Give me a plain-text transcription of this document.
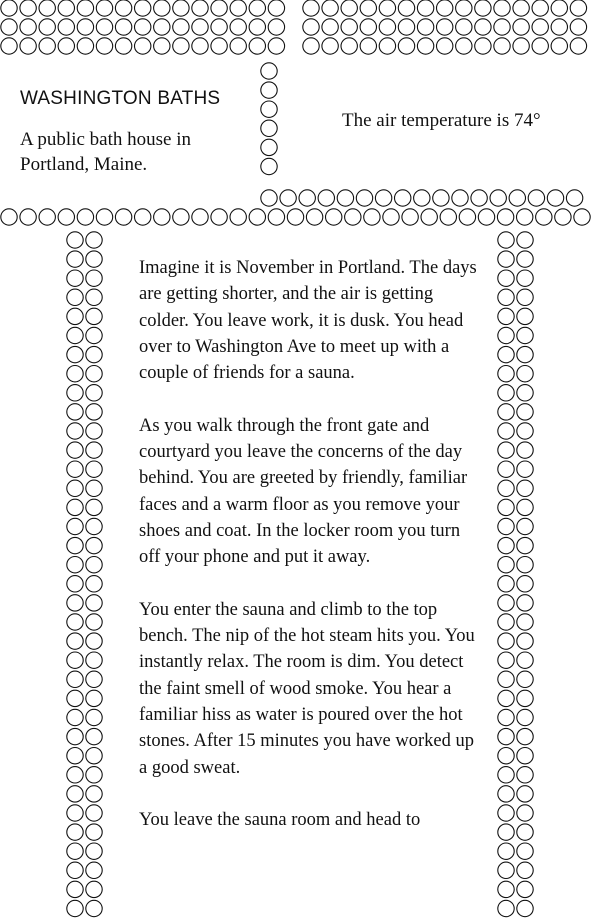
WASHINGTON BATHS

A public bath house in Portland, Maine.

The air temperature is 74°

Imagine it is November in Portland. The days are getting shorter, and the air is getting colder. You leave work, it is dusk. You head over to Washington Ave to meet up with a couple of friends for a sauna.

As you walk through the front gate and courtyard you leave the concerns of the day behind. You are greeted by friendly, familiar faces and a warm floor as you remove your shoes and coat. In the locker room you turn off your phone and put it away.

You enter the sauna and climb to the top bench. The nip of the hot steam hits you. You instantly relax. The room is dim. You detect the faint smell of wood smoke. You hear a familiar hiss as water is poured over the hot stones. After 15 minutes you have worked up a good sweat.

You leave the sauna room and head to
